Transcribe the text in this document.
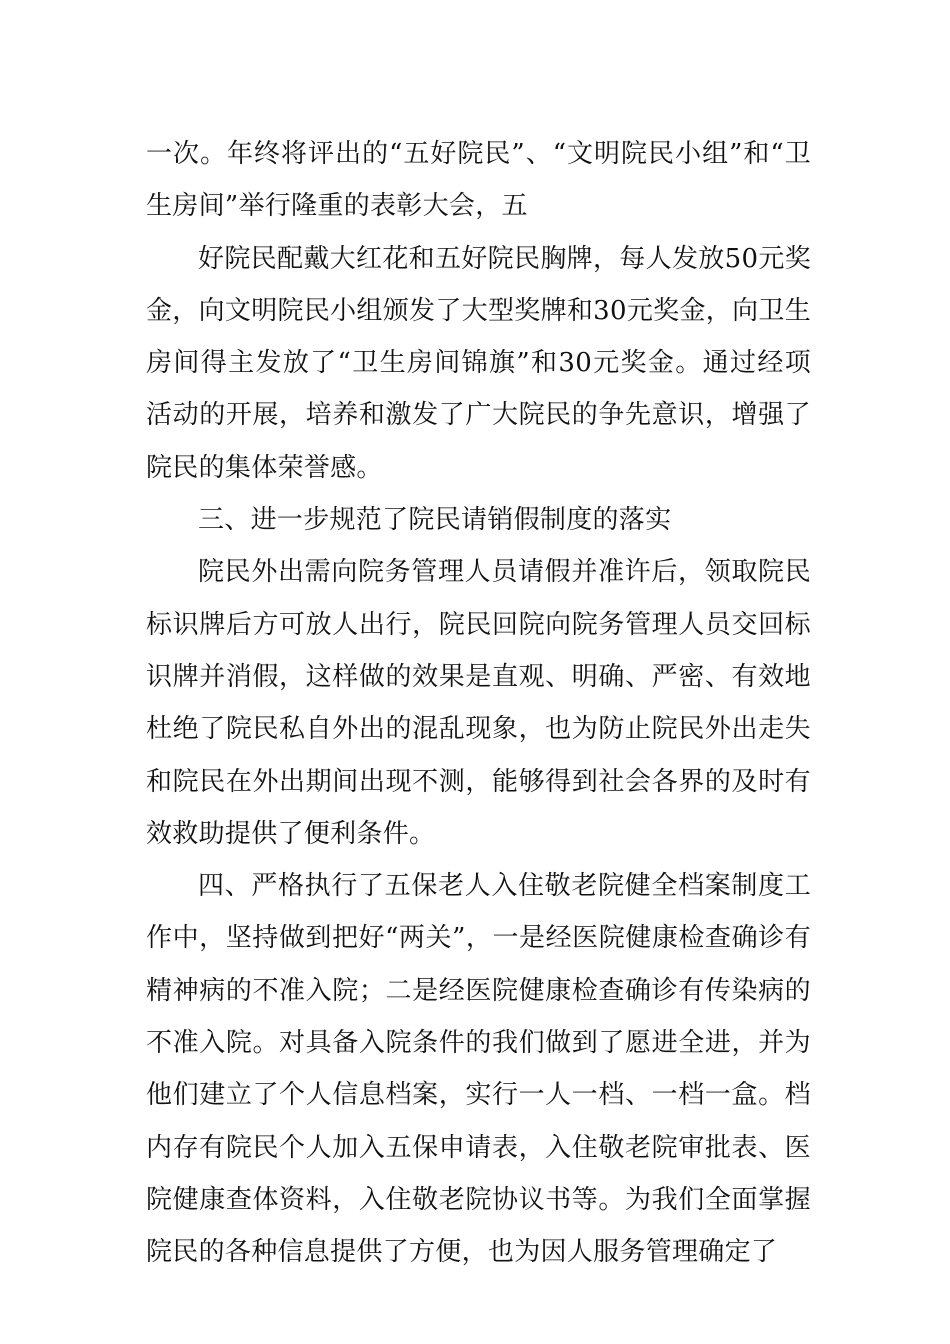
一次。年终将评出的“五好院民”、“文明院民小组”和“卫生房间”举行隆重的表彰大会，五

好院民配戴大红花和五好院民胸牌，每人发放50元奖金，向文明院民小组颁发了大型奖牌和30元奖金，向卫生房间得主发放了“卫生房间锦旗”和30元奖金。通过经项活动的开展，培养和激发了广大院民的争先意识，增强了院民的集体荣誉感。

三、进一步规范了院民请销假制度的落实

院民外出需向院务管理人员请假并准许后，领取院民标识牌后方可放人出行，院民回院向院务管理人员交回标识牌并消假，这样做的效果是直观、明确、严密、有效地杜绝了院民私自外出的混乱现象，也为防止院民外出走失和院民在外出期间出现不测，能够得到社会各界的及时有效救助提供了便利条件。

四、严格执行了五保老人入住敬老院健全档案制度工作中，坚持做到把好“两关”，一是经医院健康检查确诊有精神病的不准入院；二是经医院健康检查确诊有传染病的不准入院。对具备入院条件的我们做到了愿进全进，并为他们建立了个人信息档案，实行一人一档、一档一盒。档内存有院民个人加入五保申请表，入住敬老院审批表、医院健康查体资料，入住敬老院协议书等。为我们全面掌握院民的各种信息提供了方便，也为因人服务管理确定了
